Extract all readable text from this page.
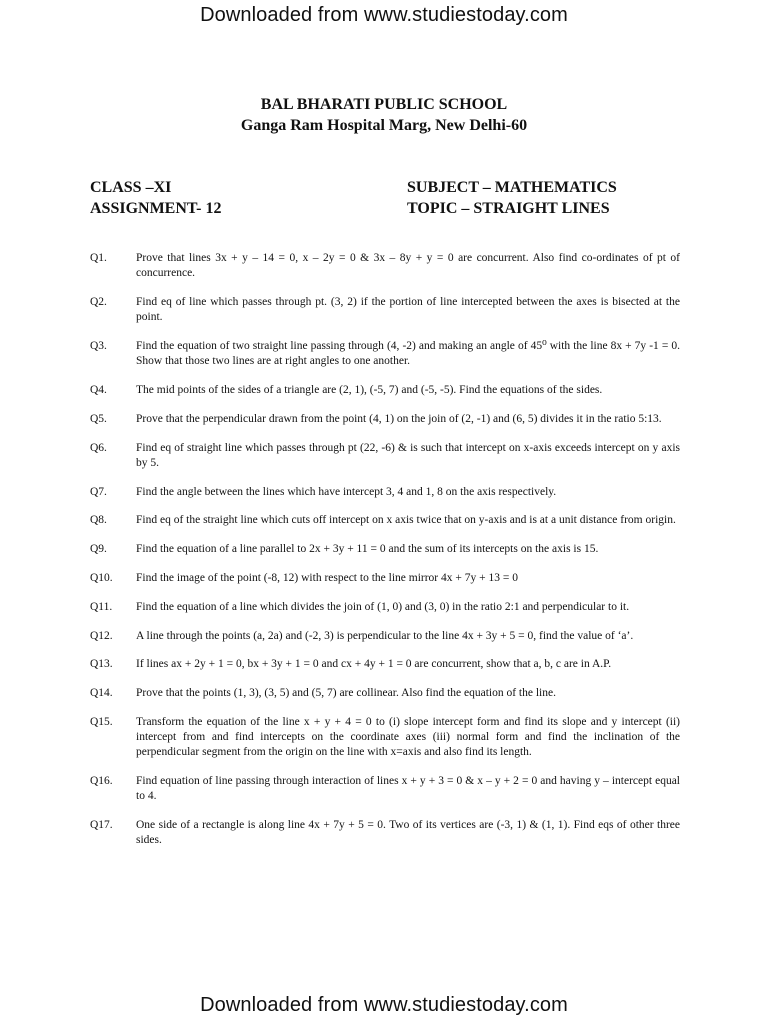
Downloaded from www.studiestoday.com
BAL BHARATI PUBLIC SCHOOL
Ganga Ram Hospital Marg, New Delhi-60
CLASS –XI
ASSIGNMENT- 12
SUBJECT – MATHEMATICS
TOPIC – STRAIGHT LINES
Q1.	Prove that lines 3x + y – 14 = 0, x – 2y = 0 & 3x – 8y + y = 0 are concurrent. Also find co-ordinates of pt of concurrence.
Q2.	Find eq of line which passes through pt. (3, 2) if the portion of line intercepted between the axes is bisected at the point.
Q3.	Find the equation of two straight line passing through (4, -2) and making an angle of 45⁰ with the line 8x + 7y -1 = 0. Show that those two lines are at right angles to one another.
Q4.	The mid points of the sides of a triangle are (2, 1), (-5, 7) and (-5, -5). Find the equations of the sides.
Q5.	Prove that the perpendicular drawn from the point (4, 1) on the join of (2, -1) and (6, 5) divides it in the ratio 5:13.
Q6.	Find eq of straight line which passes through pt (22, -6) & is such that intercept on x-axis exceeds intercept on y axis by 5.
Q7.	Find the angle between the lines which have intercept 3, 4 and 1, 8 on the axis respectively.
Q8.	Find eq of the straight line which cuts off intercept on x axis twice that on y-axis and is at a unit distance from origin.
Q9.	Find the equation of a line parallel to 2x + 3y + 11 = 0 and the sum of its intercepts on the axis is 15.
Q10.	Find the image of the point (-8, 12) with respect to the line mirror 4x + 7y + 13 = 0
Q11.	Find the equation of a line which divides the join of (1, 0) and (3, 0) in the ratio 2:1 and perpendicular to it.
Q12.	A line through the points (a, 2a) and (-2, 3) is perpendicular to the line 4x + 3y + 5 = 0, find the value of ‘a’.
Q13.	If lines ax + 2y + 1 = 0, bx + 3y + 1 = 0 and cx + 4y + 1 = 0 are concurrent, show that a, b, c are in A.P.
Q14.	Prove that the points (1, 3), (3, 5) and (5, 7) are collinear. Also find the equation of the line.
Q15.	Transform the equation of the line x + y + 4 = 0 to (i) slope intercept form and find its slope and y intercept (ii) intercept from and find intercepts on the coordinate axes (iii) normal form and find the inclination of the perpendicular segment from the origin on the line with x=axis and also find its length.
Q16.	Find equation of line passing through interaction of lines x + y + 3 = 0 & x – y + 2 = 0 and having y – intercept equal to 4.
Q17.	One side of a rectangle is along line 4x + 7y + 5 = 0. Two of its vertices are (-3, 1) & (1, 1). Find eqs of other three sides.
Downloaded from www.studiestoday.com
